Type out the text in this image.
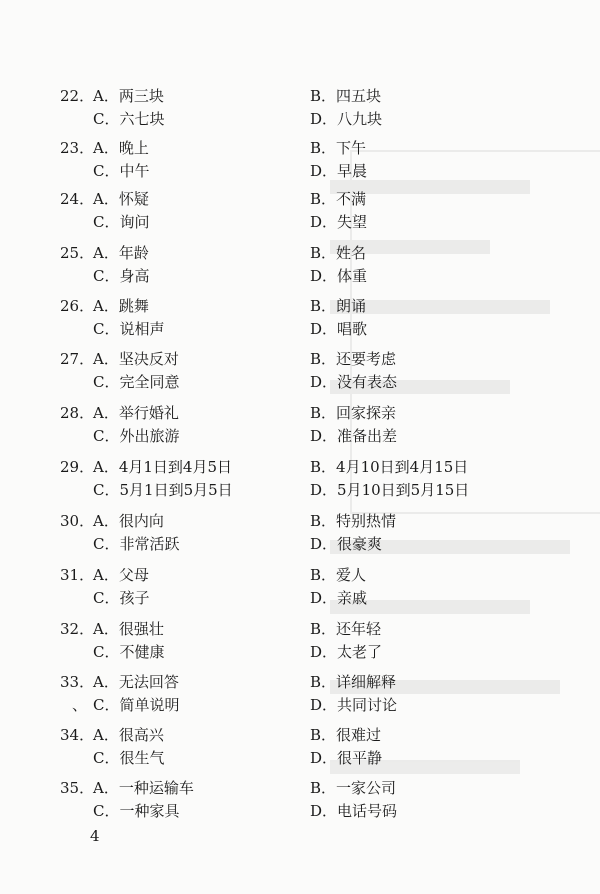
22．
A．两三块
C．六七块
B．四五块
D．八九块
23．
A．晚上
C．中午
B．下午
D．早晨
24．
A．怀疑
C．询问
B．不满
D．失望
25．
A．年龄
C．身高
B．姓名
D．体重
26．
A．跳舞
C．说相声
B．朗诵
D．唱歌
27．
A．坚决反对
C．完全同意
B．还要考虑
D．没有表态
28．
A．举行婚礼
C．外出旅游
B．回家探亲
D．准备出差
29．
A．4月1日到4月5日
C．5月1日到5月5日
B．4月10日到4月15日
D．5月10日到5月15日
30．
A．很内向
C．非常活跃
B．特别热情
D．很豪爽
31．
A．父母
C．孩子
B．爱人
D．亲戚
32．
A．很强壮
C．不健康
B．还年轻
D．太老了
33．
A．无法回答
、 C．简单说明
B．详细解释
D．共同讨论
34．
A．很高兴
C．很生气
B．很难过
D．很平静
35．
A．一种运输车
C．一种家具
B．一家公司
D．电话号码
4
